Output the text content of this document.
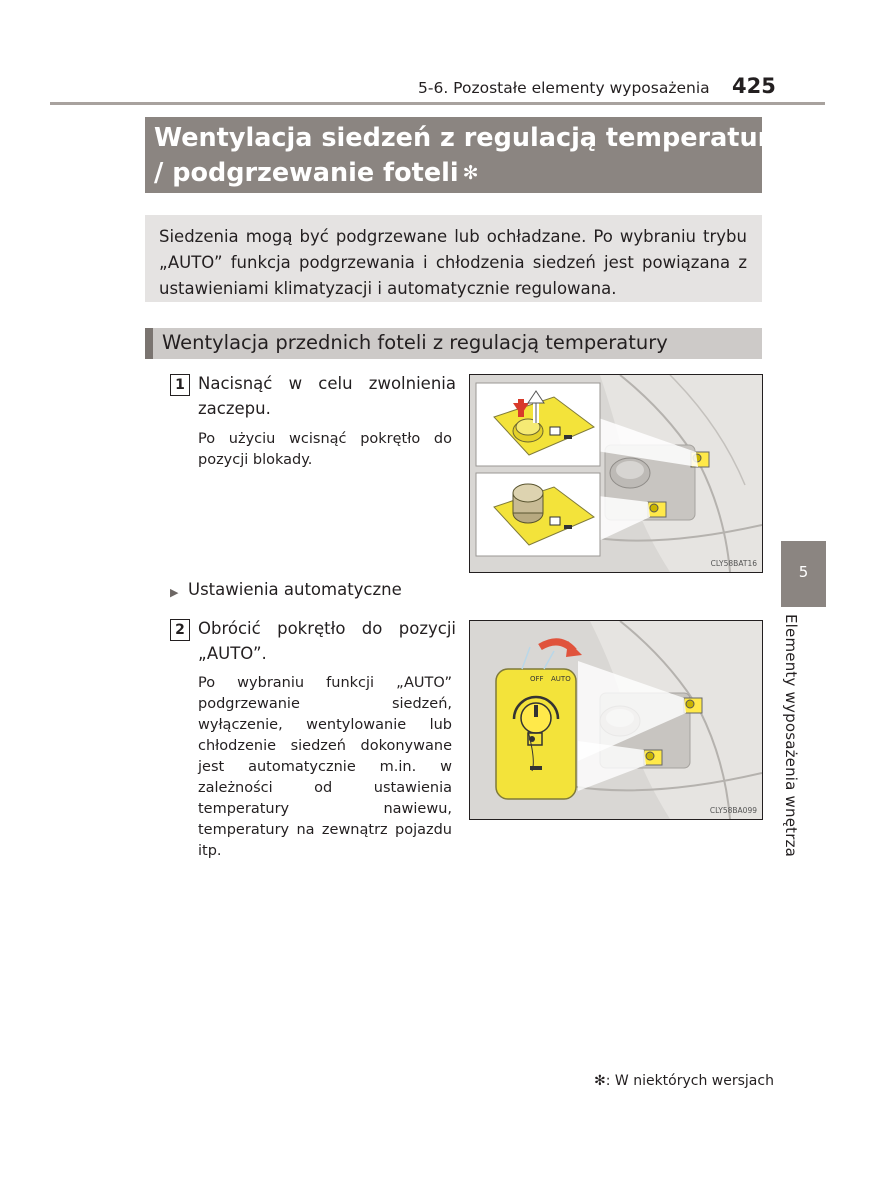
5-6. Pozostałe elementy wyposażenia 425
Wentylacja siedzeń z regulacją temperatury
/ podgrzewanie foteli ✻
Siedzenia mogą być podgrzewane lub ochładzane. Po wybraniu trybu „AUTO” funkcja podgrzewania i chłodzenia siedzeń jest powiązana z ustawieniami klimatyzacji i automatycznie regulowana.
Wentylacja przednich foteli z regulacją temperatury
1 Nacisnąć w celu zwolnienia zaczepu.
Po użyciu wcisnąć pokrętło do pozycji blokady.
CLY58BAT16
▶ Ustawienia automatyczne
2 Obrócić pokrętło do pozycji „AUTO”.
Po wybraniu funkcji „AUTO” podgrzewanie siedzeń, wyłączenie, wentylowanie lub chłodzenie siedzeń dokonywane jest automatycznie m.in. w zależności od ustawienia temperatury nawiewu, temperatury na zewnątrz pojazdu itp.
OFF AUTO
CLY58BA099
5
Elementy wyposażenia wnętrza
✻: W niektórych wersjach
